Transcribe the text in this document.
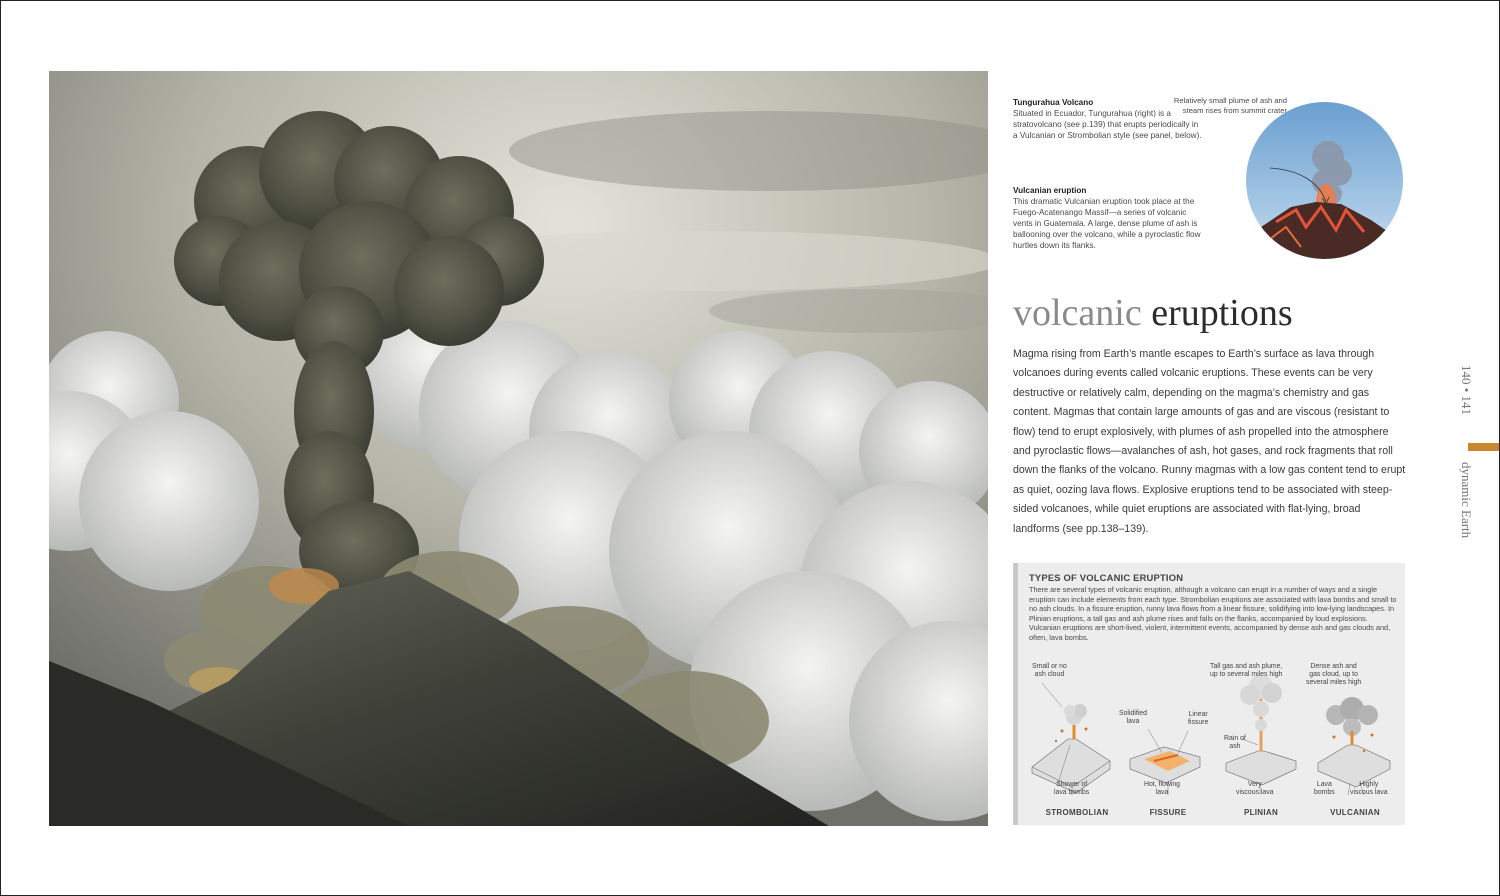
Tungurahua Volcano
Situated in Ecuador, Tungurahua (right) is a stratovolcano (see p.139) that erupts periodically in a Vulcanian or Strombolian style (see panel, below).
Vulcanian eruption
This dramatic Vulcanian eruption took place at the Fuego-Acatenango Massif—a series of volcanic vents in Guatemala. A large, dense plume of ash is ballooning over the volcano, while a pyroclastic flow hurtles down its flanks.
Relatively small plume of ash and steam rises from summit crater
volcanic eruptions

Magma rising from Earth’s mantle escapes to Earth’s surface as lava through volcanoes during events called volcanic eruptions. These events can be very destructive or relatively calm, depending on the magma’s chemistry and gas content. Magmas that contain large amounts of gas and are viscous (resistant to flow) tend to erupt explosively, with plumes of ash propelled into the atmosphere and pyroclastic flows—avalanches of ash, hot gases, and rock fragments that roll down the flanks of the volcano. Runny magmas with a low gas content tend to erupt as quiet, oozing lava flows. Explosive eruptions tend to be associated with steep-sided volcanoes, while quiet eruptions are associated with flat-lying, broad landforms (see pp.138–139).

140 • 141
dynamic Earth
TYPES OF VOLCANIC ERUPTION

There are several types of volcanic eruption, although a volcano can erupt in a number of ways and a single eruption can include elements from each type. Strombolian eruptions are associated with lava bombs and small to no ash clouds. In a fissure eruption, runny lava flows from a linear fissure, solidifying into low-lying landscapes. In Plinian eruptions, a tall gas and ash plume rises and falls on the flanks, accompanied by loud explosions. Vulcanian eruptions are short-lived, violent, intermittent events, accompanied by dense ash and gas clouds and, often, lava bombs.

Small or no
ash cloud
Shower of
lava bombs
Solidified
lava
Linear
fissure
Hot, flowing
lava
Tall gas and ash plume,
up to several miles high
Rain of
ash
Very
viscous lava
Dense ash and
gas cloud, up to
several miles high
Lava
bombs
Highly
viscous lava
STROMBOLIAN	FISSURE	PLINIAN	VULCANIAN
